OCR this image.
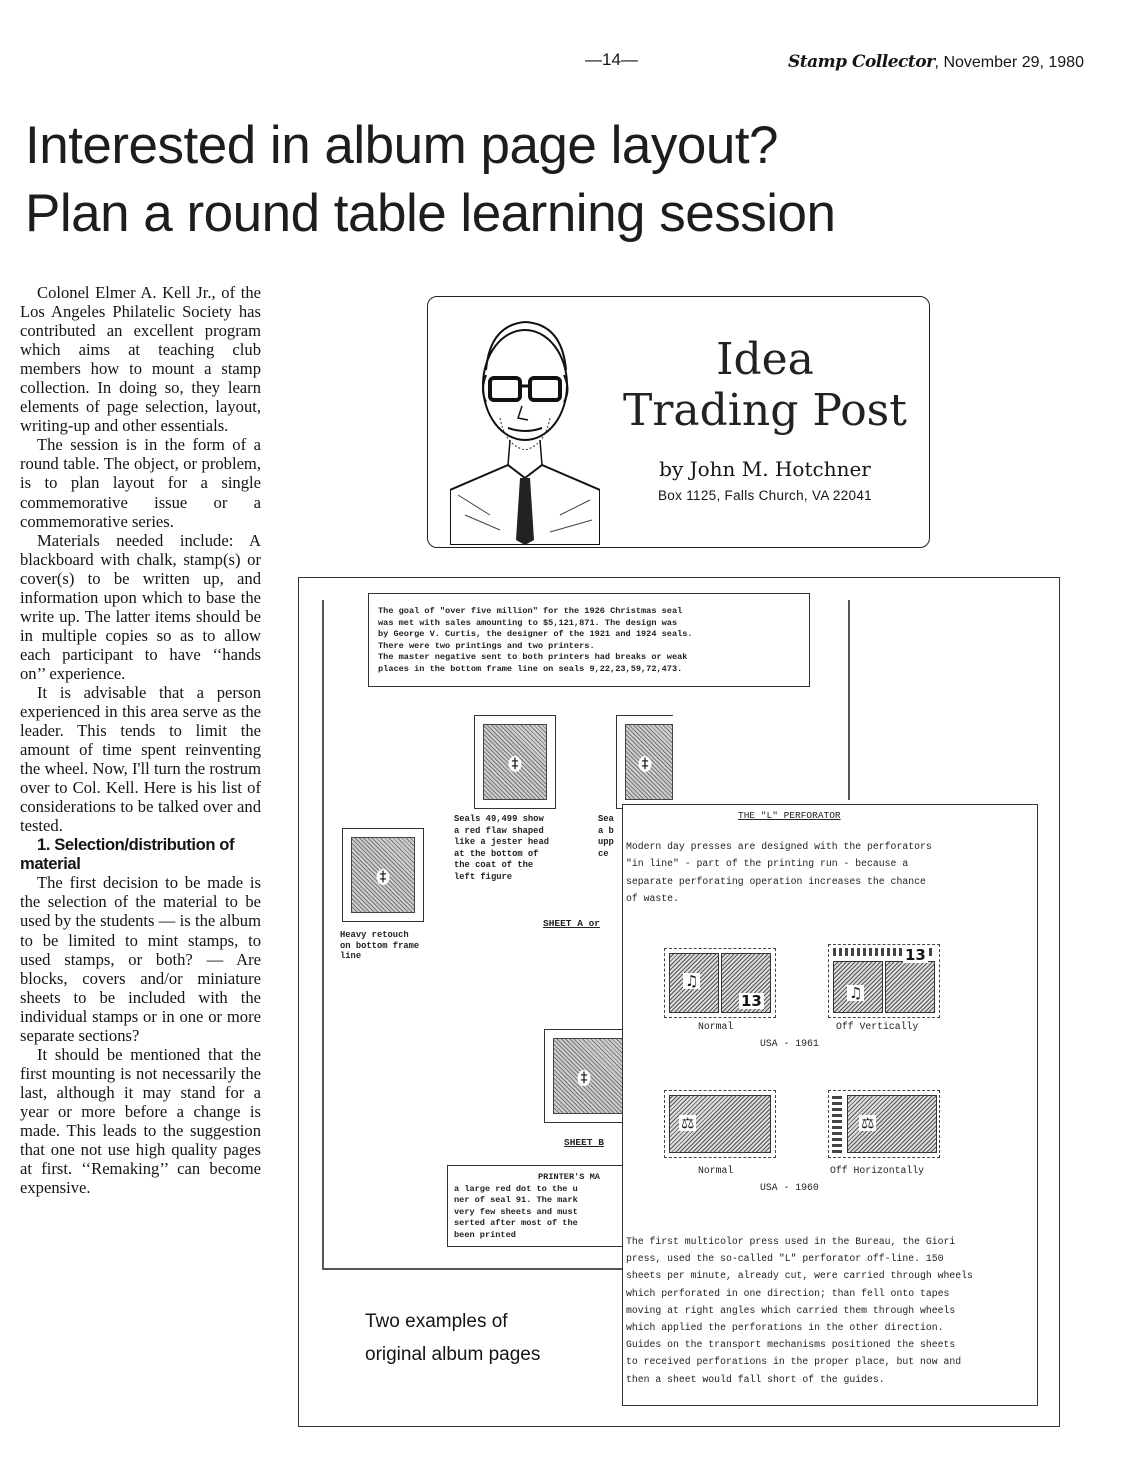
—14—	Stamp Collector, November 29, 1980
Interested in album page layout?
Plan a round table learning session

Colonel Elmer A. Kell Jr., of the Los Angeles Philatelic Society has contributed an excellent program which aims at teaching club members how to mount a stamp collection. In doing so, they learn elements of page selection, layout, writing-up and other essentials.

The session is in the form of a round table. The object, or problem, is to plan layout for a single commemorative issue or a commemorative series.

Materials needed include: A blackboard with chalk, stamp(s) or cover(s) to be written up, and information upon which to base the write up. The latter items should be in multiple copies so as to allow each participant to have ‘‘hands on’’ experience.

It is advisable that a person experienced in this area serve as the leader. This tends to limit the amount of time spent reinventing the wheel. Now, I'll turn the rostrum over to Col. Kell. Here is his list of considerations to be talked over and tested.

1. Selection/distribution of material

The first decision to be made is the selection of the material to be used by the students — is the album to be limited to mint stamps, to used stamps, or both? — Are blocks, covers and/or miniature sheets to be included with the individual stamps or in one or more separate sections?

It should be mentioned that the first mounting is not necessarily the last, although it may stand for a year or more before a change is made. This leads to the suggestion that one not use high quality pages at first. ‘‘Remaking’’ can become expensive.

Idea
Trading Post
by John M. Hotchner
Box 1125, Falls Church, VA 22041
The goal of "over five million" for the 1926 Christmas seal
was met with sales amounting to $5,121,871. The design was
by George V. Curtis, the designer of the 1921 and 1924 seals.
There were two printings and two printers.
The master negative sent to both printers had breaks or weak
places in the bottom frame line on seals 9,22,23,59,72,473.
‡	‡
‡
‡
Seals 49,499 show
a red flaw shaped
like a jester head
at the bottom of
the coat of the
left figure
Sea
a b
upp
ce
Heavy retouch
on bottom frame
line
SHEET A or
SHEET B
PRINTER'S MA
a large red dot to the u
ner of seal 91. The mark
very few sheets and must
serted after most of the
been printed
THE "L" PERFORATOR
Modern day presses are designed with the perforators
"in line" - part of the printing run - because a
separate perforating operation increases the chance
of waste.
13
♫
13
♫
Normal	Off Vertically
USA - 1961
⚖	⚖
Normal	Off Horizontally
USA - 1960
The first multicolor press used in the Bureau, the Giori
press, used the so-called "L" perforator off-line. 150
sheets per minute, already cut, were carried through wheels
which perforated in one direction; than fell onto tapes
moving at right angles which carried them through wheels
which applied the perforations in the other direction.
Guides on the transport mechanisms positioned the sheets
to received perforations in the proper place, but now and
then a sheet would fall short of the guides.
Two examples of
original album pages
